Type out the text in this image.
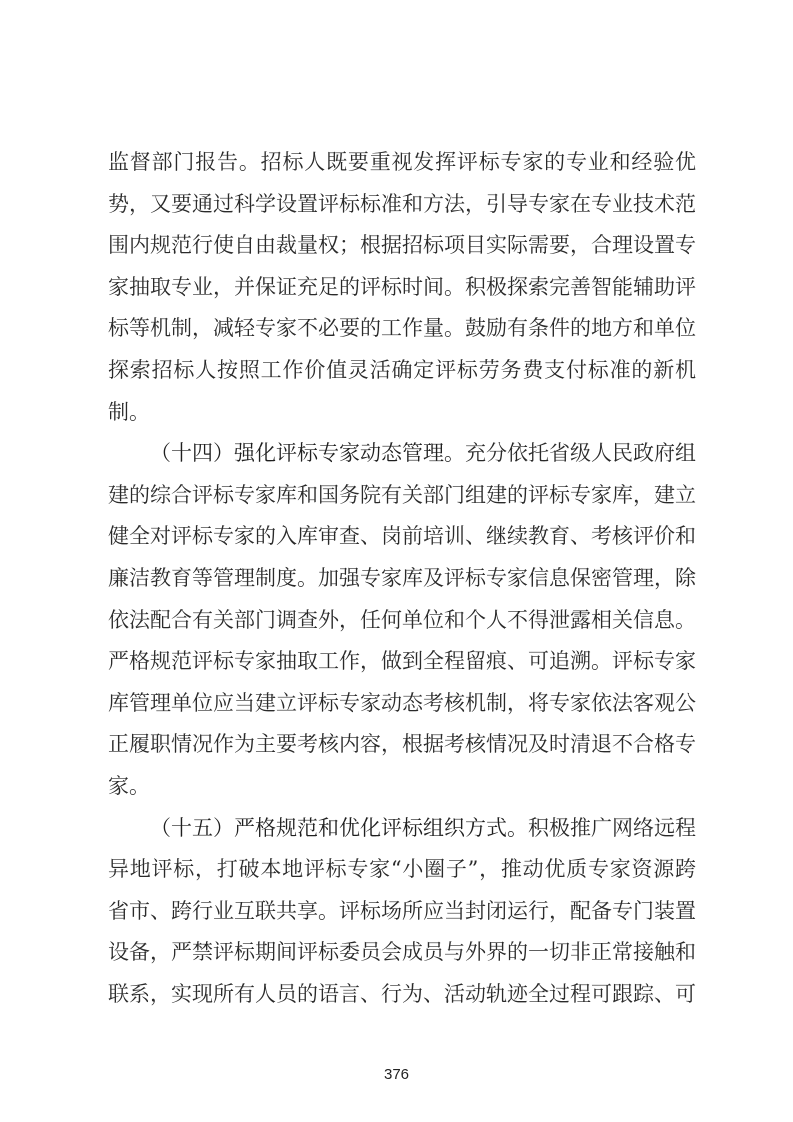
监督部门报告。招标人既要重视发挥评标专家的专业和经验优势，又要通过科学设置评标标准和方法，引导专家在专业技术范围内规范行使自由裁量权；根据招标项目实际需要，合理设置专家抽取专业，并保证充足的评标时间。积极探索完善智能辅助评标等机制，减轻专家不必要的工作量。鼓励有条件的地方和单位探索招标人按照工作价值灵活确定评标劳务费支付标准的新机制。

（十四）强化评标专家动态管理。充分依托省级人民政府组建的综合评标专家库和国务院有关部门组建的评标专家库，建立健全对评标专家的入库审查、岗前培训、继续教育、考核评价和廉洁教育等管理制度。加强专家库及评标专家信息保密管理，除依法配合有关部门调查外，任何单位和个人不得泄露相关信息。严格规范评标专家抽取工作，做到全程留痕、可追溯。评标专家库管理单位应当建立评标专家动态考核机制，将专家依法客观公正履职情况作为主要考核内容，根据考核情况及时清退不合格专家。

（十五）严格规范和优化评标组织方式。积极推广网络远程异地评标，打破本地评标专家“小圈子”，推动优质专家资源跨省市、跨行业互联共享。评标场所应当封闭运行，配备专门装置设备，严禁评标期间评标委员会成员与外界的一切非正常接触和联系，实现所有人员的语言、行为、活动轨迹全过程可跟踪、可

376
